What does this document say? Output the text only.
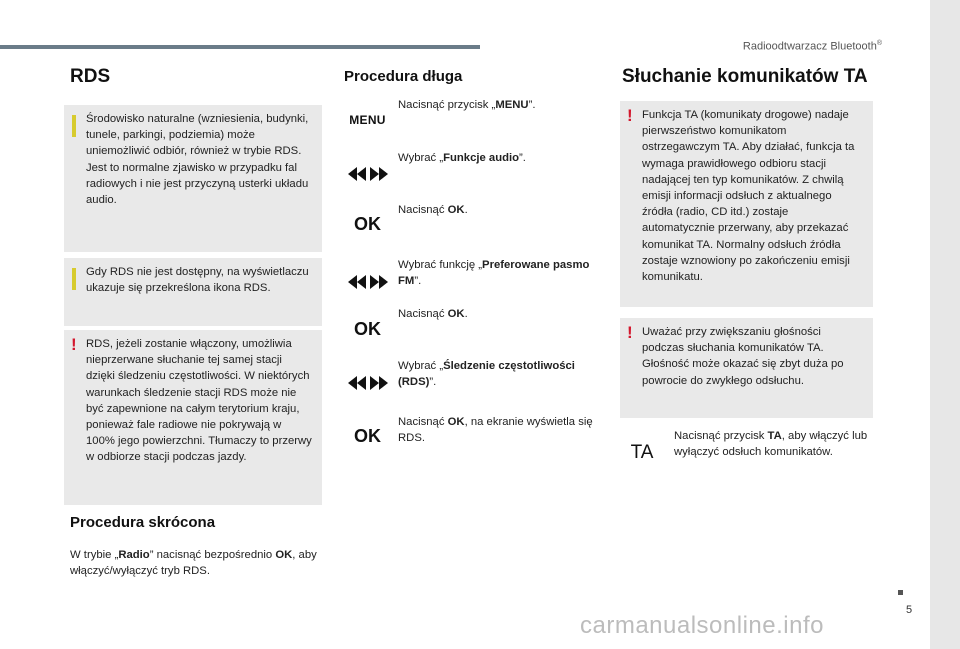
Radioodtwarzacz Bluetooth®
5
carmanualsonline.info
RDS

Środowisko naturalne (wzniesienia, budynki, tunele, parkingi, podziemia) może uniemożliwić odbiór, również w trybie RDS. Jest to normalne zjawisko w przypadku fal radiowych i nie jest przyczyną usterki układu audio.

Gdy RDS nie jest dostępny, na wyświetlaczu ukazuje się przekreślona ikona RDS.

! RDS, jeżeli zostanie włączony, umożliwia nieprzerwane słuchanie tej samej stacji dzięki śledzeniu częstotliwości. W niektórych warunkach śledzenie stacji RDS może nie być zapewnione na całym terytorium kraju, ponieważ fale radiowe nie pokrywają w 100% jego powierzchni. Tłumaczy to przerwy w odbiorze stacji podczas jazdy.

Procedura skrócona
W trybie „Radio” nacisnąć bezpośrednio OK, aby włączyć/wyłączyć tryb RDS.
Procedura długa
MENU
Nacisnąć przycisk „MENU”.
Wybrać „Funkcje audio”.
OK
Nacisnąć OK.
Wybrać funkcję „Preferowane pasmo FM”.
OK
Nacisnąć OK.
Wybrać „Śledzenie częstotliwości (RDS)”.
OK
Nacisnąć OK, na ekranie wyświetla się RDS.
Słuchanie komunikatów TA
! Funkcja TA (komunikaty drogowe) nadaje pierwszeństwo komunikatom ostrzegawczym TA. Aby działać, funkcja ta wymaga prawidłowego odbioru stacji nadającej ten typ komunikatów. Z chwilą emisji informacji odsłuch z aktualnego źródła (radio, CD itd.) zostaje automatycznie przerwany, aby przekazać komunikat TA. Normalny odsłuch źródła zostaje wznowiony po zakończeniu emisji komunikatu.

! Uważać przy zwiększaniu głośności podczas słuchania komunikatów TA. Głośność może okazać się zbyt duża po powrocie do zwykłego odsłuchu.

TA
Nacisnąć przycisk TA, aby włączyć lub wyłączyć odsłuch komunikatów.
